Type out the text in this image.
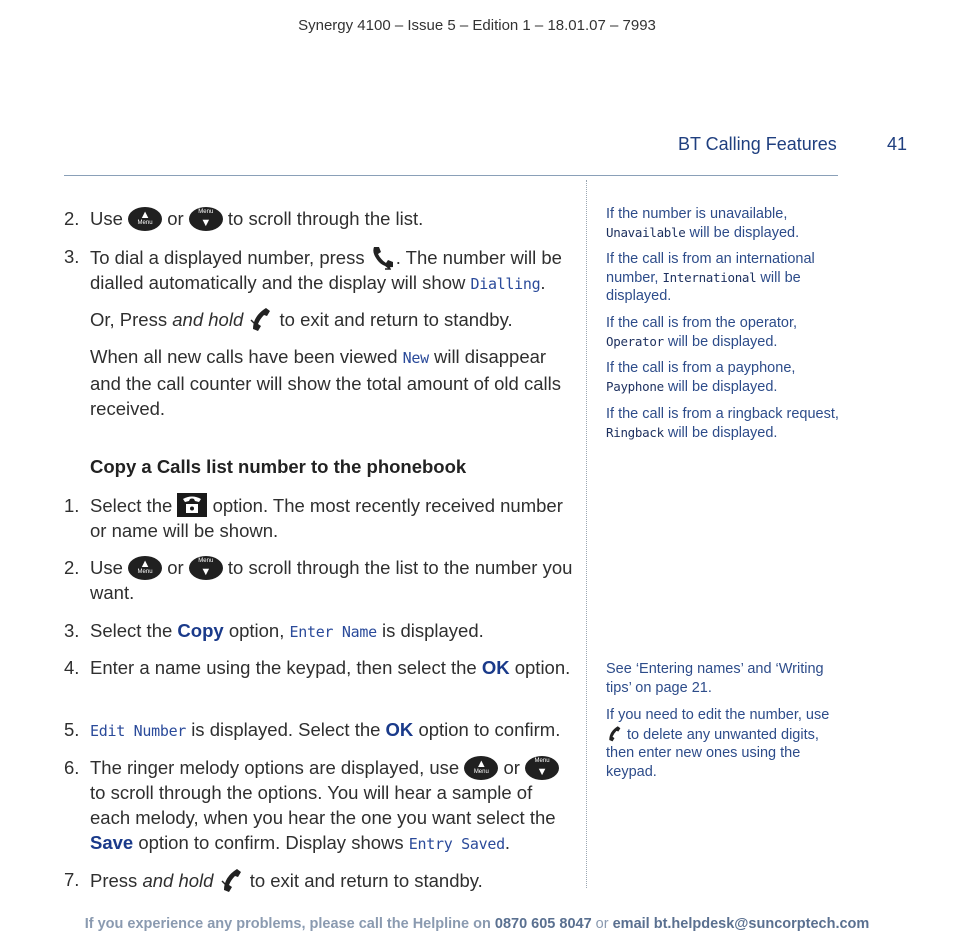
Synergy 4100 – Issue 5 – Edition 1 – 18.01.07 – 7993
BT Calling Features	41
2. Use	▲
Menu or	Menu
▼ to scroll through the list.
3. To dial a displayed number, press . The number will be dialled automatically and the display will show Dialling.
Or, Press and hold to exit and return to standby.
When all new calls have been viewed New will disappear and the call counter will show the total amount of old calls received.
Copy a Calls list number to the phonebook
1. Select the option. The most recently received number or name will be shown.
2. Use	▲
Menu or	Menu
▼ to scroll through the list to the number you want.
3. Select the Copy option, Enter Name is displayed.
4. Enter a name using the keypad, then select the OK option.
5. Edit Number is displayed. Select the OK option to confirm.
6. The ringer melody options are displayed, use	▲
Menu or	Menu
▼
to scroll through the options. You will hear a sample of each melody, when you hear the one you want select the Save option to confirm. Display shows Entry Saved.
7. Press and hold to exit and return to standby.
If the number is unavailable, Unavailable will be displayed.
If the call is from an international number, International will be displayed.
If the call is from the operator, Operator will be displayed.
If the call is from a payphone, Payphone will be displayed.
If the call is from a ringback request, Ringback will be displayed.
See ‘Entering names’ and ‘Writing tips’ on page 21.
If you need to edit the number, use  to delete any unwanted digits, then enter new ones using the keypad.
If you experience any problems, please call the Helpline on 0870 605 8047 or email bt.helpdesk@suncorptech.com
